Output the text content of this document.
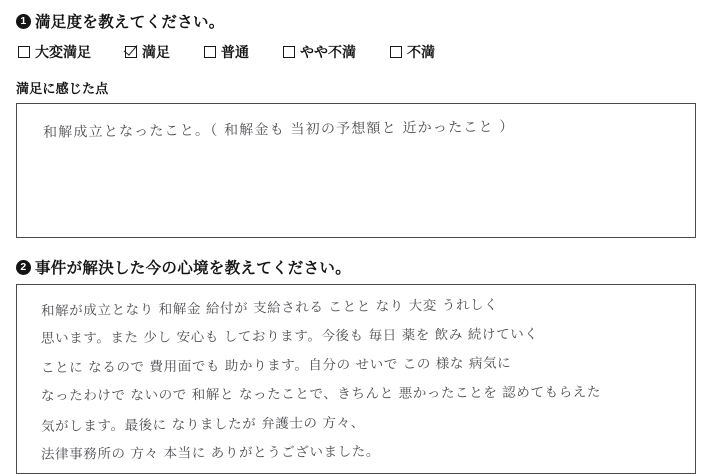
1 満足度を教えてください。
大変満足	満足	普通	やや不満	不満
満足に感じた点
和解成立となったこと。（ 和解金も 当初の予想額と 近かったこと ）
2 事件が解決した今の心境を教えてください。
和解が成立となり 和解金 給付が 支給される ことと なり 大変 うれしく
思います。また 少し 安心も しております。今後も 毎日 薬を 飲み 続けていく
ことに なるので 費用面でも 助かります。自分の せいで この 様な 病気に
なったわけで ないので 和解と なったことで、きちんと 悪かったことを 認めてもらえた
気がします。最後に なりましたが 弁護士の 方々、
法律事務所の 方々 本当に ありがとうございました。
